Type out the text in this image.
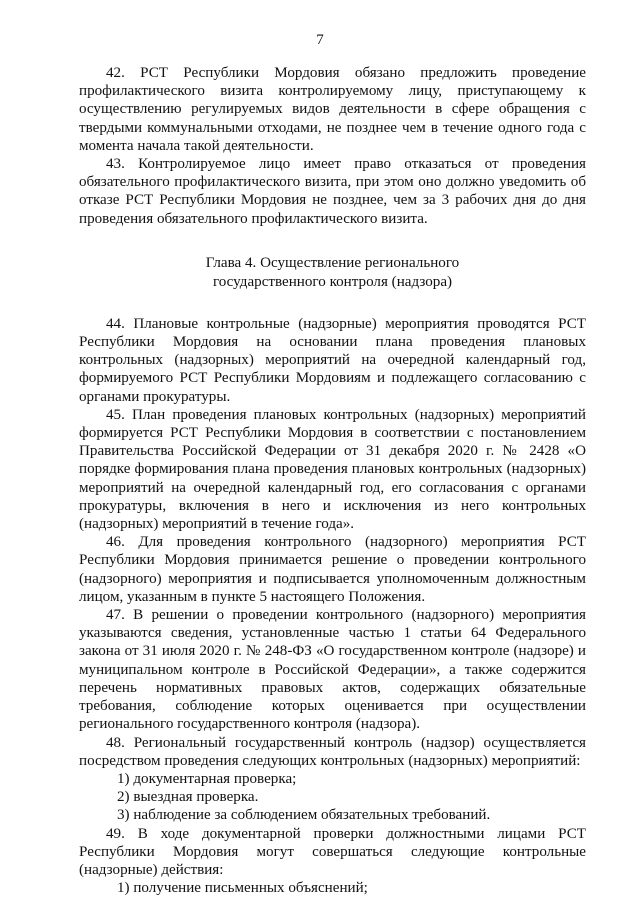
7

42. РСТ Республики Мордовия обязано предложить проведение профилактического визита контролируемому лицу, приступающему к осуществлению регулируемых видов деятельности в сфере обращения с твердыми коммунальными отходами, не позднее чем в течение одного года с момента начала такой деятельности.

43. Контролируемое лицо имеет право отказаться от проведения обязательного профилактического визита, при этом оно должно уведомить об отказе РСТ Республики Мордовия не позднее, чем за 3 рабочих дня до дня проведения обязательного профилактического визита.

Глава 4. Осуществление регионального
государственного контроля (надзора)

44. Плановые контрольные (надзорные) мероприятия проводятся РСТ Республики Мордовия на основании плана проведения плановых контрольных (надзорных) мероприятий на очередной календарный год, формируемого РСТ Республики Мордовиям и подлежащего согласованию с органами прокуратуры.

45. План проведения плановых контрольных (надзорных) мероприятий формируется РСТ Республики Мордовия в соответствии с постановлением Правительства Российской Федерации от 31 декабря 2020 г. № 2428 «О порядке формирования плана проведения плановых контрольных (надзорных) мероприятий на очередной календарный год, его согласования с органами прокуратуры, включения в него и исключения из него контрольных (надзорных) мероприятий в течение года».

46. Для проведения контрольного (надзорного) мероприятия РСТ Республики Мордовия принимается решение о проведении контрольного (надзорного) мероприятия и подписывается уполномоченным должностным лицом, указанным в пункте 5 настоящего Положения.

47. В решении о проведении контрольного (надзорного) мероприятия указываются сведения, установленные частью 1 статьи 64 Федерального закона от 31 июля 2020 г. № 248-ФЗ «О государственном контроле (надзоре) и муниципальном контроле в Российской Федерации», а также содержится перечень нормативных правовых актов, содержащих обязательные требования, соблюдение которых оценивается при осуществлении регионального государственного контроля (надзора).

48. Региональный государственный контроль (надзор) осуществляется посредством проведения следующих контрольных (надзорных) мероприятий:

1) документарная проверка;
2) выездная проверка.
3) наблюдение за соблюдением обязательных требований.

49. В ходе документарной проверки должностными лицами РСТ Республики Мордовия могут совершаться следующие контрольные (надзорные) действия:

1) получение письменных объяснений;
